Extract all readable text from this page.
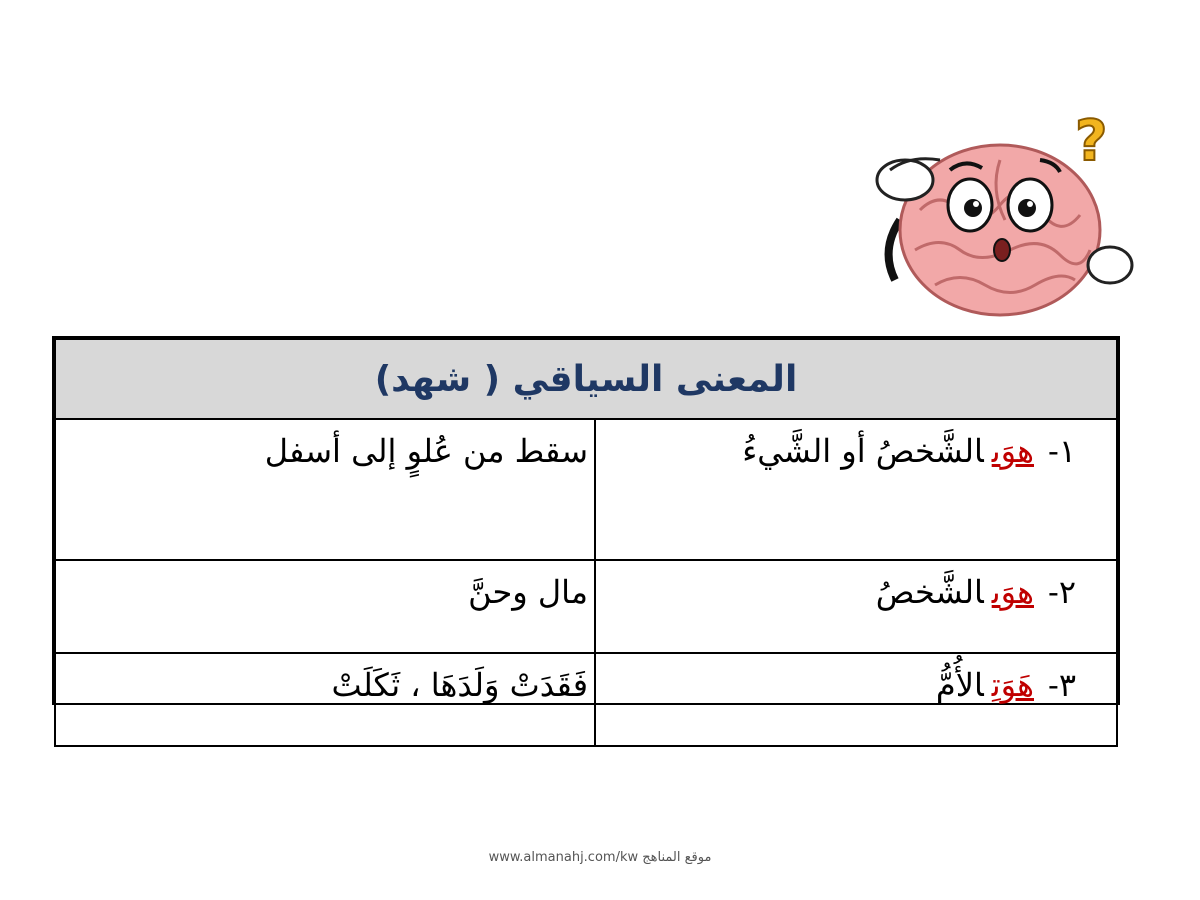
?
المعنى السياقي ( شهد)	
١-هوَىالشَّخصُ أو الشَّيءُ	سقط من عُلوٍ إلى أسفل
٢-هوَىالشَّخصُ	مال وحنَّ
٣-هَوَتِالأُمُّ	فَقَدَتْ وَلَدَهَا ، ثَكَلَتْ
www.almanahj.com/kw موقع المناهج
